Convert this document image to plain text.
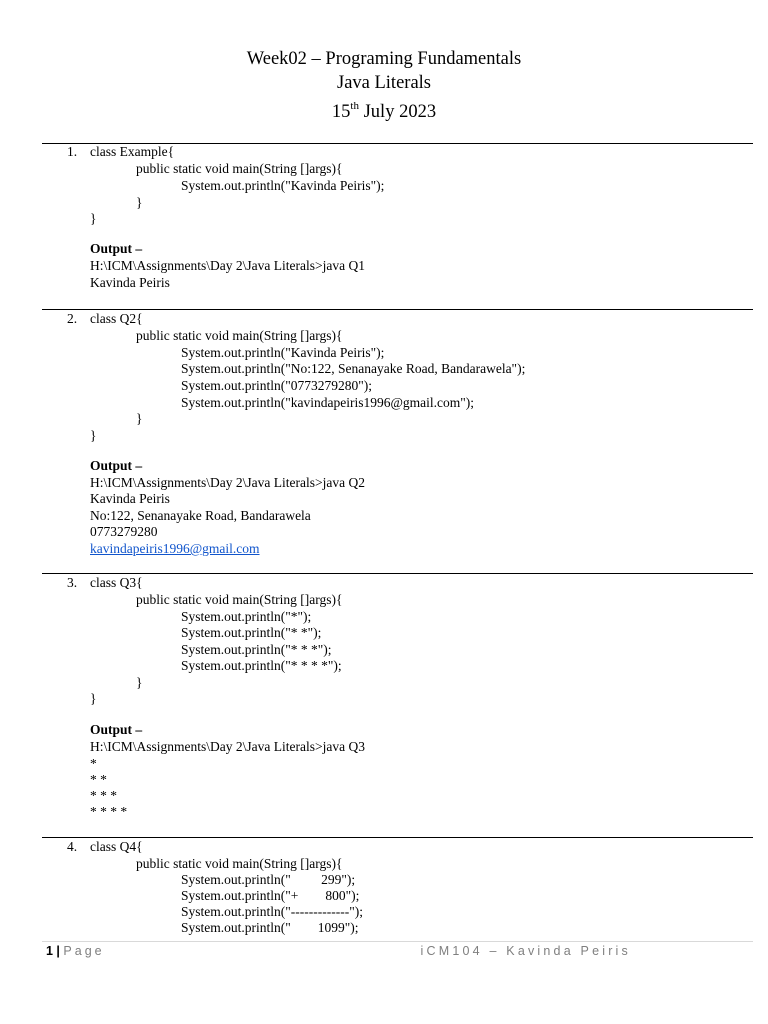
Week02 – Programing Fundamentals
Java Literals
15th July 2023
1. class Example{
public static void main(String []args){
System.out.println("Kavinda Peiris");
}
}
Output –
H:\ICM\Assignments\Day 2\Java Literals>java Q1
Kavinda Peiris
2. class Q2{
public static void main(String []args){
System.out.println("Kavinda Peiris");
System.out.println("No:122, Senanayake Road, Bandarawela");
System.out.println("0773279280");
System.out.println("kavindapeiris1996@gmail.com");
}
}
Output –
H:\ICM\Assignments\Day 2\Java Literals>java Q2
Kavinda Peiris
No:122, Senanayake Road, Bandarawela
0773279280
kavindapeiris1996@gmail.com
3. class Q3{
public static void main(String []args){
System.out.println("*");
System.out.println("* *");
System.out.println("* * *");
System.out.println("* * * *");
}
}
Output –
H:\ICM\Assignments\Day 2\Java Literals>java Q3
*
* *
* * *
* * * *
4. class Q4{
public static void main(String []args){
System.out.println("         299");
System.out.println("+        800");
System.out.println("-------------");
System.out.println("        1099");
1 | Page	iCM104 – Kavinda Peiris
